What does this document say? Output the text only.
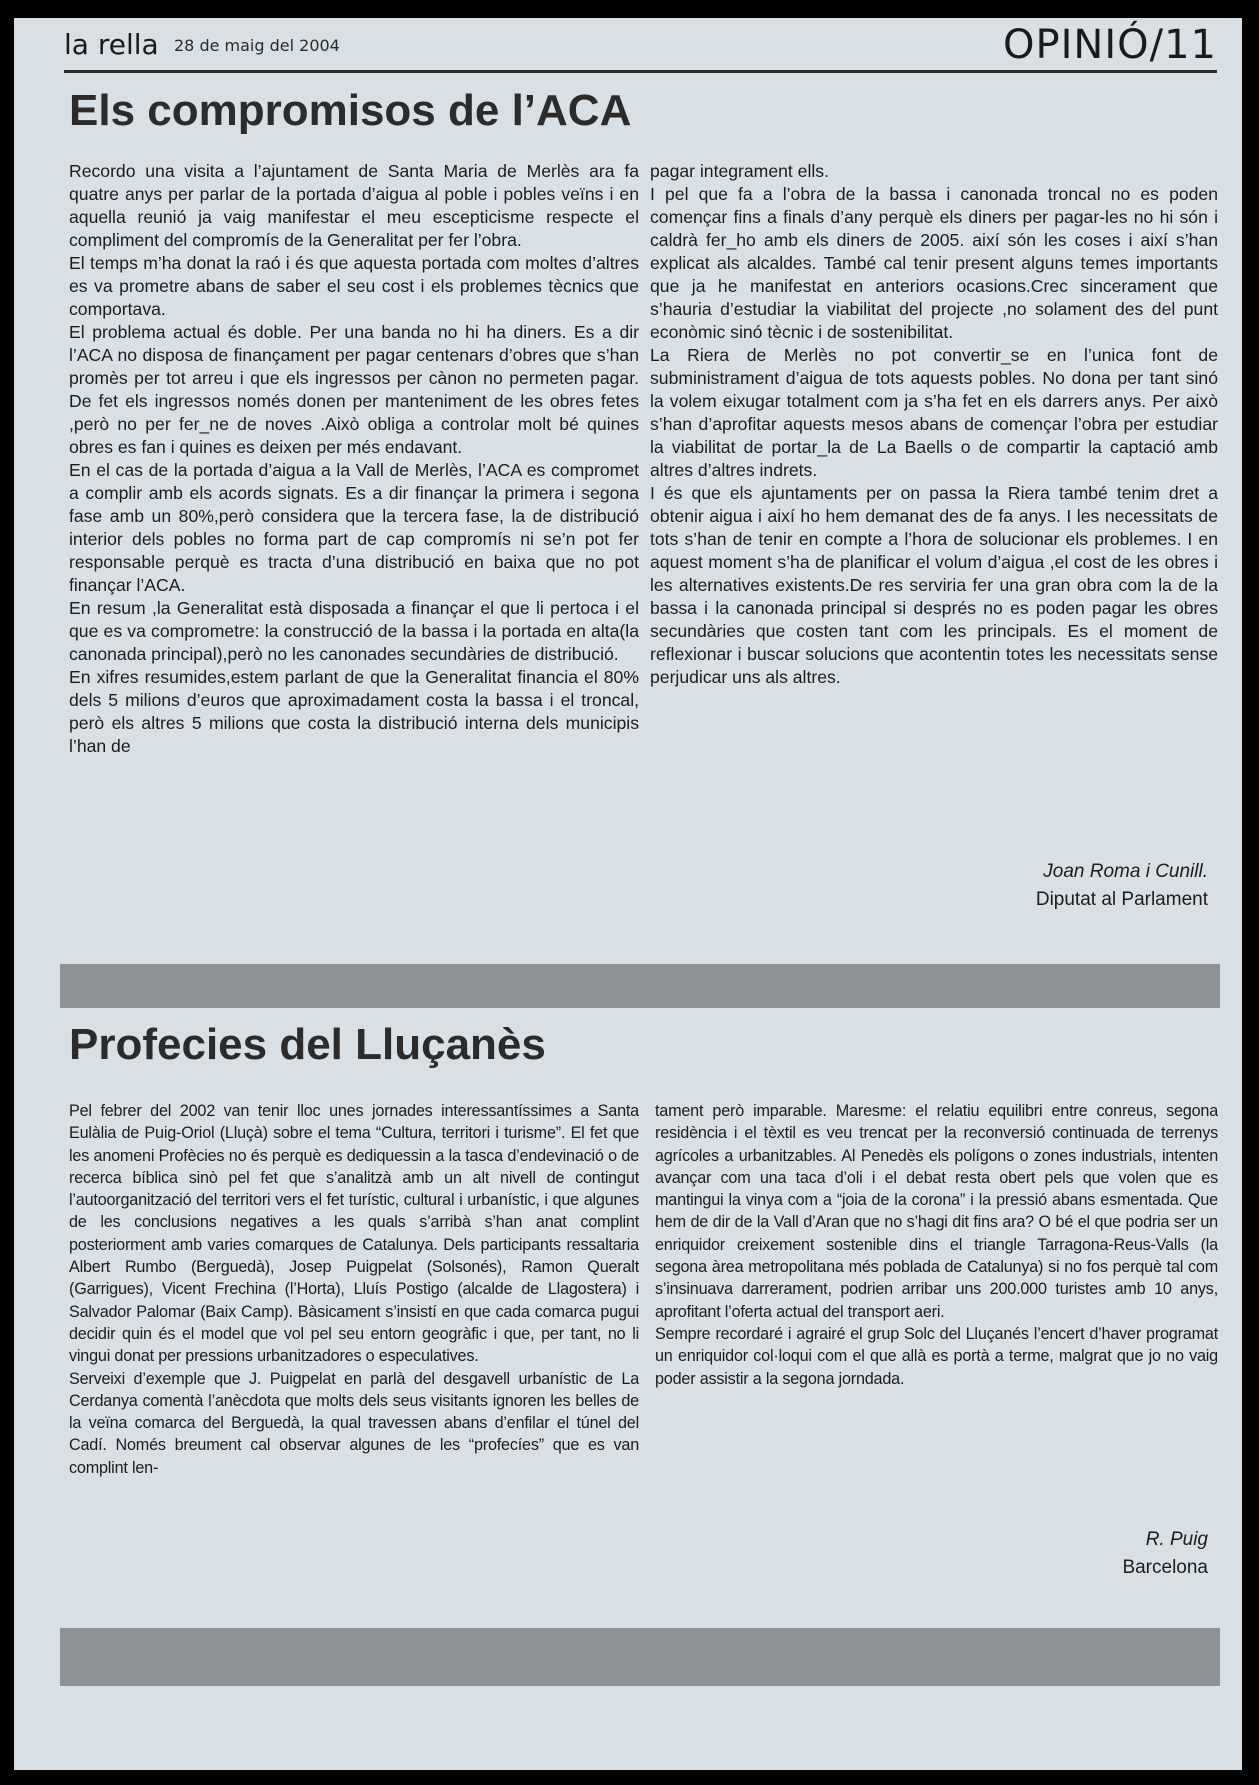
la rella 28 de maig del 2004	OPINIÓ/11
Els compromisos de l’ACA

Recordo una visita a l’ajuntament de Santa Maria de Merlès ara fa quatre anys per parlar de la portada d’aigua al poble i pobles veïns i en aquella reunió ja vaig manifestar el meu escepticisme respecte el compliment del compromís de la Generalitat per fer l’obra.

El temps m’ha donat la raó i és que aquesta portada com moltes d’altres es va prometre abans de saber el seu cost i els problemes tècnics que comportava.

El problema actual és doble. Per una banda no hi ha diners. Es a dir l’ACA no disposa de finançament per pagar centenars d’obres que s’han promès per tot arreu i que els ingressos per cànon no permeten pagar. De fet els ingressos només donen per manteniment de les obres fetes ,però no per fer_ne de noves .Això obliga a controlar molt bé quines obres es fan i quines es deixen per més endavant.

En el cas de la portada d’aigua a la Vall de Merlès, l’ACA es compromet a complir amb els acords signats. Es a dir finançar la primera i segona fase amb un 80%,però considera que la tercera fase, la de distribució interior dels pobles no forma part de cap compromís ni se’n pot fer responsable perquè es tracta d’una distribució en baixa que no pot finançar l’ACA.

En resum ,la Generalitat està disposada a finançar el que li pertoca i el que es va comprometre: la construcció de la bassa i la portada en alta(la canonada principal),però no les canonades secundàries de distribució.

En xifres resumides,estem parlant de que la Generalitat financia el 80% dels 5 milions d’euros que aproximadament costa la bassa i el troncal, però els altres 5 milions que costa la distribució interna dels municipis l’han de

pagar integrament ells.

I pel que fa a l’obra de la bassa i canonada troncal no es poden començar fins a finals d’any perquè els diners per pagar-les no hi són i caldrà fer_ho amb els diners de 2005. així són les coses i així s’han explicat als alcaldes. També cal tenir present alguns temes importants que ja he manifestat en anteriors ocasions.Crec sincerament que s’hauria d’estudiar la viabilitat del projecte ,no solament des del punt econòmic sinó tècnic i de sostenibilitat.

La Riera de Merlès no pot convertir_se en l’unica font de subministrament d’aigua de tots aquests pobles. No dona per tant sinó la volem eixugar totalment com ja s’ha fet en els darrers anys. Per això s’han d’aprofitar aquests mesos abans de començar l’obra per estudiar la viabilitat de portar_la de La Baells o de compartir la captació amb altres d’altres indrets.

I és que els ajuntaments per on passa la Riera també tenim dret a obtenir aigua i així ho hem demanat des de fa anys. I les necessitats de tots s’han de tenir en compte a l’hora de solucionar els problemes. I en aquest moment s’ha de planificar el volum d’aigua ,el cost de les obres i les alternatives existents.De res serviria fer una gran obra com la de la bassa i la canonada principal si després no es poden pagar les obres secundàries que costen tant com les principals. Es el moment de reflexionar i buscar solucions que acontentin totes les necessitats sense perjudicar uns als altres.

Joan Roma i Cunill.
Diputat al Parlament
Profecies del Lluçanès

Pel febrer del 2002 van tenir lloc unes jornades interessantíssimes a Santa Eulàlia de Puig-Oriol (Lluçà) sobre el tema “Cultura, territori i turisme”. El fet que les anomeni Profècies no és perquè es dediquessin a la tasca d’endevinació o de recerca bíblica sinò pel fet que s’analitzà amb un alt nivell de contingut l’autoorganització del territori vers el fet turístic, cultural i urbanístic, i que algunes de les conclusions negatives a les quals s’arribà s’han anat complint posteriorment amb varies comarques de Catalunya. Dels participants ressaltaria Albert Rumbo (Berguedà), Josep Puigpelat (Solsonés), Ramon Queralt (Garrigues), Vicent Frechina (l’Horta), Lluís Postigo (alcalde de Llagostera) i Salvador Palomar (Baix Camp). Bàsicament s’insistí en que cada comarca pugui decidir quin és el model que vol pel seu entorn geogràfic i que, per tant, no li vingui donat per pressions urbanitzadores o especulatives.

Serveixi d’exemple que J. Puigpelat en parlà del desgavell urbanístic de La Cerdanya comentà l’anècdota que molts dels seus visitants ignoren les belles de la veïna comarca del Berguedà, la qual travessen abans d’enfilar el túnel del Cadí. Només breument cal observar algunes de les “profecíes” que es van complint len-

tament però imparable. Maresme: el relatiu equilibri entre conreus, segona residència i el tèxtil es veu trencat per la reconversió continuada de terrenys agrícoles a urbanitzables. Al Penedès els polígons o zones industrials, intenten avançar com una taca d’oli i el debat resta obert pels que volen que es mantingui la vinya com a “joia de la corona” i la pressió abans esmentada. Que hem de dir de la Vall d’Aran que no s’hagi dit fins ara? O bé el que podria ser un enriquidor creixement sostenible dins el triangle Tarragona-Reus-Valls (la segona àrea metropolitana més poblada de Catalunya) si no fos perquè tal com s’insinuava darrerament, podrien arribar uns 200.000 turistes amb 10 anys, aprofitant l’oferta actual del transport aeri.

Sempre recordaré i agrairé el grup Solc del Lluçanés l’encert d’haver programat un enriquidor col·loqui com el que allà es portà a terme, malgrat que jo no vaig poder assistir a la segona jorndada.

R. Puig
Barcelona
